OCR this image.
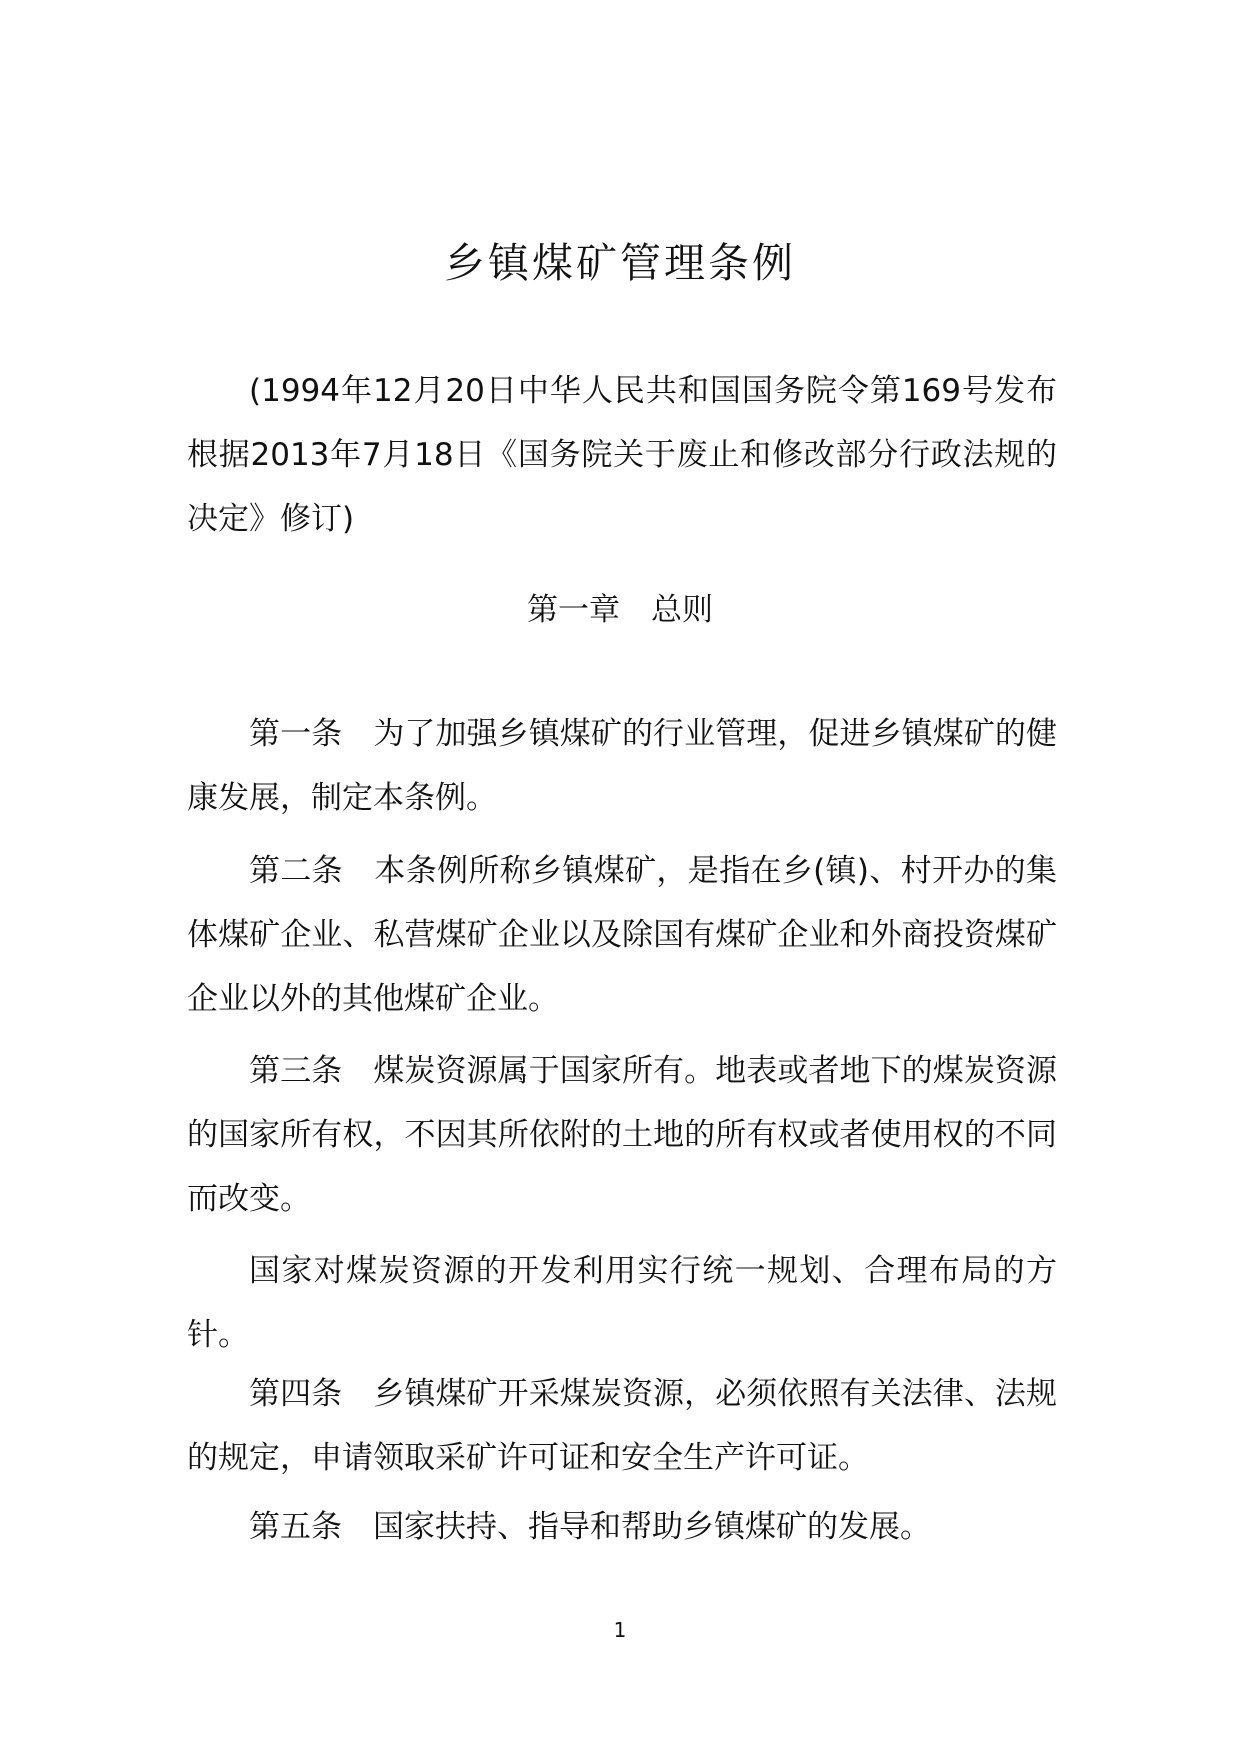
乡镇煤矿管理条例

(1994年12月20日中华人民共和国国务院令第169号发布　根据2013年7月18日《国务院关于废止和修改部分行政法规的决定》修订)

第一章　总则

第一条　为了加强乡镇煤矿的行业管理，促进乡镇煤矿的健康发展，制定本条例。

第二条　本条例所称乡镇煤矿，是指在乡(镇)、村开办的集体煤矿企业、私营煤矿企业以及除国有煤矿企业和外商投资煤矿企业以外的其他煤矿企业。

第三条　煤炭资源属于国家所有。地表或者地下的煤炭资源的国家所有权，不因其所依附的土地的所有权或者使用权的不同而改变。

国家对煤炭资源的开发利用实行统一规划、合理布局的方针。

第四条　乡镇煤矿开采煤炭资源，必须依照有关法律、法规的规定，申请领取采矿许可证和安全生产许可证。

第五条　国家扶持、指导和帮助乡镇煤矿的发展。

1
